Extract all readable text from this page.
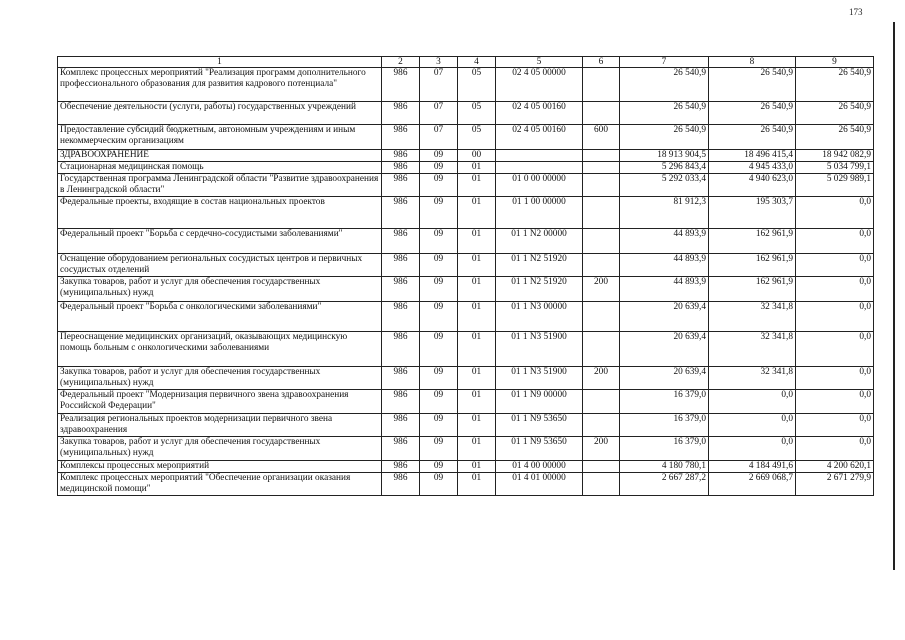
173
1	2	3	4	5	6	7	8	9
Комплекс процессных мероприятий "Реализация программ дополнительного профессионального образования для развития кадрового потенциала"	986	07	05	02 4 05 00000		26 540,9	26 540,9	26 540,9
Обеспечение деятельности (услуги, работы) государственных учреждений	986	07	05	02 4 05 00160		26 540,9	26 540,9	26 540,9
Предоставление субсидий бюджетным, автономным учреждениям и иным некоммерческим организациям	986	07	05	02 4 05 00160	600	26 540,9	26 540,9	26 540,9
ЗДРАВООХРАНЕНИЕ	986	09	00			18 913 904,5	18 496 415,4	18 942 082,9
Стационарная медицинская помощь	986	09	01			5 296 843,4	4 945 433,0	5 034 799,1
Государственная программа Ленинградской области "Развитие здравоохранения в Ленинградской области"	986	09	01	01 0 00 00000		5 292 033,4	4 940 623,0	5 029 989,1
Федеральные проекты, входящие в состав национальных проектов	986	09	01	01 1 00 00000		81 912,3	195 303,7	0,0
Федеральный проект "Борьба с сердечно-сосудистыми заболеваниями"	986	09	01	01 1 N2 00000		44 893,9	162 961,9	0,0
Оснащение оборудованием региональных сосудистых центров и первичных сосудистых отделений	986	09	01	01 1 N2 51920		44 893,9	162 961,9	0,0
Закупка товаров, работ и услуг для обеспечения государственных (муниципальных) нужд	986	09	01	01 1 N2 51920	200	44 893,9	162 961,9	0,0
Федеральный проект "Борьба с онкологическими заболеваниями"	986	09	01	01 1 N3 00000		20 639,4	32 341,8	0,0
Переоснащение медицинских организаций, оказывающих медицинскую помощь больным с онкологическими заболеваниями	986	09	01	01 1 N3 51900		20 639,4	32 341,8	0,0
Закупка товаров, работ и услуг для обеспечения государственных (муниципальных) нужд	986	09	01	01 1 N3 51900	200	20 639,4	32 341,8	0,0
Федеральный проект "Модернизация первичного звена здравоохранения Российской Федерации"	986	09	01	01 1 N9 00000		16 379,0	0,0	0,0
Реализация региональных проектов модернизации первичного звена здравоохранения	986	09	01	01 1 N9 53650		16 379,0	0,0	0,0
Закупка товаров, работ и услуг для обеспечения государственных (муниципальных) нужд	986	09	01	01 1 N9 53650	200	16 379,0	0,0	0,0
Комплексы процессных мероприятий	986	09	01	01 4 00 00000		4 180 780,1	4 184 491,6	4 200 620,1
Комплекс процессных мероприятий "Обеспечение организации оказания медицинской помощи"	986	09	01	01 4 01 00000		2 667 287,2	2 669 068,7	2 671 279,9
